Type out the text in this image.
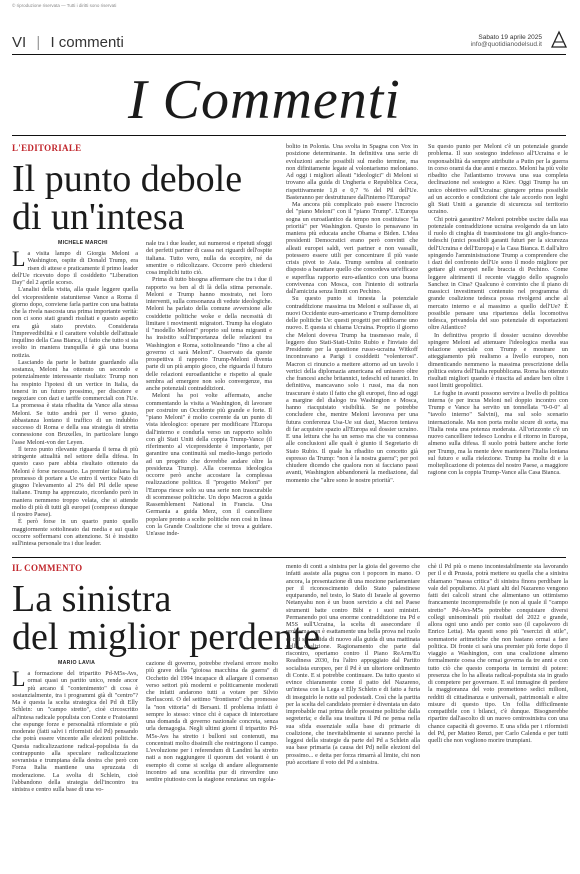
© riproduzione riservata — Tutti i diritti sono riservati
VI | I commenti	Sabato 19 aprile 2025
info@quotidianodelsud.it
I Commenti
L'EDITORIALE
Il punto debole
di un'intesa
MICHELE MARCHI

La visita lampo di Giorgia Meloni a Washington, ospite di Donald Trump, era risen di attese e praticamente il primo leader dell'Ue ricevuto dopo il cosiddetto "Liberation Day" del 2 aprile scorso.

L'analisi della visita, alla quale leggere quella del vicepresidente statunitense Vance a Roma il giorno dopo, conviene farla partire con una battuta che la rivela nascosta una prima importante verità: non ci sono stati grandi risultati e questo aspetto era già stato previsto. Considerata l'imprevedibilità e il carattere volubile dell'attuale inquilino della Casa Bianca, il fatto che tutto si sia svolto in maniera tranquilla è già una buona notizia.

Lasciando da parte le battute guardando alla sostanza, Meloni ha ottenuto un secondo e potenzialmente interessante risultato: Trump non ha respinto l'ipotesi di un vertice in Italia, da tenersi in un futuro prossimo, per discutere e negoziare con dazi e tariffe commerciali con l'Ue. La promessa è stata ribadita da Vance alla stessa Meloni. Se tutto andrà per il verso giusto, abbastanza lontano il traffico di un indubbio successo di Roma e della sua strategia di stretta connessione con Bruxelles, in particolare lungo l'asse Meloni-von der Leyen.

Il terzo punto rilevante riguarda il tema di più stringente attualità nel settore della difesa. In questo caso pare abbia risultato ottenuto da Meloni è forse necessario. La premier italiana ha promesso di portare a Ue entro il vertice Nato di giugno l'elevamento al 2% del Pil delle spese italiane. Trump ha apprezzato, ricordando però in maniera nemmeno troppo velata, che si attende molto di più di tutti gli europei (compreso dunque il nostro Paese).

È però forse in un quarto punto quello maggiormente sottolineato dai media e sui quale occorre soffermarsi con attenzione. Si è insistito sull'intesa personale tra i due leader.

nale tra i due leader, sui numerosi e ripetuti sfoggi dei perfetti partner di cassa nei riguardi dell'ospite italiana. Tutto vero, nulla da eccepire, né da smentire o ridicolizzare. Occorre però chiedersi cosa implichi tutto ciò.

Prima di tutto bisogna affermare che tra i due il rapporto va ben al di là della stima personale. Meloni e Trump hanno mostrato, nei loro interventi, sulla consonanza di vedute ideologiche. Meloni ha parlato della comune avversione alle cosiddette politiche woke e della necessità di limitare i movimenti migratori. Trump ha elogiato il "modello Meloni" proprio sul tema migranti e ha insistito sull'importanza delle relazioni tra Washington e Roma, sottolineando "fino a che al governo ci sarà Meloni". Osservato da queste prospettiva il rapporto Trump-Meloni diventa parte di un più ampio gioco, che riguarda il futuro delle relazioni euroatlantiche e rispetto al quale sembra ad emergere non solo convergenze, ma anche potenziali contraddizioni.

Meloni ha poi volte affermato, anche commentando la visita a Washington, di lavorare per costruire un Occidente più grande e forte. Il "piano Meloni" è molto coerente da un punto di vista ideologico: operare per modificare l'Europa dall'interno e condurla verso un rapporto solido con gli Stati Uniti della coppia Trump-Vance (il riferimento al vicepresidente è importante, per garantire una continuità sul medio-lungo periodo ad un progetto che dovrebbe andare oltre la presidenza Trump). Alla coerenza ideologica occorre però anche accostare la complessa realizzazione politica. Il "progetto Meloni" per l'Europa riesce solo su una serie non trascurabile di scommesse politiche. Un dopo Macron a guida Rassemblement National in Francia. Una Germania a guida Merz, con il cancelliere popolare pronto a scelte politiche non così in linea con la Grande Coalizione che si trova a guidare. Un'asse inde-

bolito in Polonia. Una svolta in Spagna con Vox in posizione determinante. In definitiva una serie di evoluzioni anche possibili sul medio termine, ma non difinitamente legate al volontarismo meloniano. Ad oggi i migliori alleati "ideologici" di Meloni si trovano alla guida di Ungheria e Repubblica Ceca, rispettivamente 1,8 e 0,7 % del Pil dell'Ue. Basteranno per destrutturare dall'interno l'Europa?

Ma ancora più complicato può essere l'incrocio del "piano Meloni" con il "piano Trump". L'Europa sogna un euroatlantico da tempo non costituisce "la priorità" per Washington. Questo lo pensavano in maniera più educata anche Obama e Biden. L'idea presidenti Democratici erano però convinti che alleati europei saldi, veri partner e non vassalli, potessero essere utili per concentrare il più vaste crisis pivot to Asia. Trump sembra al contrario disposto a barattare quello che concedeva un'efficace e superflua rapporto euro-atlantico con una buona convivenza con Mosca, con l'intento di sottrarla dall'amicizia senza limiti con Pechino.

Su questo punto si innesta la potenziale contraddizione massima tra Meloni e sull'asse di, ai nuovi Occidente euro-americano e Trump demolitore delle politiche Ue: questi progetti per edificarne uno nuovo. E questa si chiama Ucraina. Proprio il giorno che Meloni doveva Trump ha trasmesso reale, il leggero duo Stati-Stati-Unito Rubio e l'inviato del Presidente per la questione russo-ucraina Witkoff incontravano a Parigi i cosiddetti "volenterosi". Macron ci rinuncio a mettere attorno ad un tavolo i vertici della diplomazia americana ed unissero oltre che francesi anche britannici, tedeschi ed turanici. In definitiva, mancavano solo i russi, ma da non trascurare è stato il fatto che gli europei, fino ad oggi a margine del dialogo tra Washington e Mosca, hanno riacquistato visibilità. Se ne potrebbe concludere che, mentre Meloni lavorava per una futura conferenza Usa-Ue sui dazi, Macron tentava di far acquisire spazio all'Europa sul dossier ucraino. E una lettura che ha un senso ma che va connessa alle conclusioni alle quali è giunto il Segretario di Stato Rubio. Il quale ha ribadito un concetto già espresso da Trump: "non è la nostra guerra"; per poi chiudere dicendo che qualora non si facciano passi avanti, Washington abbandonerà la mediazione, dal momento che "altre sono le nostre priorità".

Su questo punto per Meloni c'è un potenziale grande problema. Il suo sostegno indefesso all'Ucraina e le responsabilità da sempre attribuite a Putin per la guerra in corso orami da due anni e mezzo. Meloni ha più volte ribadito che l'atlantismo trovava una sua completa declinazione nel sostegno a Kiev. Oggi Trump ha un unico obiettivo sull'Ucraina: giungere prima possibile ad un accordo e condizioni che tale accordo non leghi gli Stati Uniti a garanzie di sicurezza sul territorio ucraino.

Chi potrà garantire? Meloni potrebbe uscire dalla sua potenziale contraddizione ucraina svolgendo da un lato il ruolo di cinghia di trasmissione tra gli anglo-franco-tedeschi (unici possibili garanti futuri per la sicurezza dell'Ucraina e dell'Europa) e la Casa Bianca. E dall'altro spingendo l'amministrazione Trump a comprendere che i dazi del confronto dell'Ue sono il modo migliore per gettare gli europei nelle braccia di Pechino. Come leggere altrimenti il recente viaggio dello spagnolo Sanchez in Cina? Qualcuno è convinto che il piano di massicci investimenti contenuto nel programma di grande coalizione tedesca possa rivolgersi anche al mercato interno e al massimo a quello dell'Ue? È possibile pensare una ripartenza della locomotiva tedesca, privandola del suo potenziale di esportazioni oltre Atlantico?

In definitiva proprio il dossier ucraino dovrebbe spingere Meloni ad attenuare l'ideologica media sua relazione speciale con Trump e mostrare un atteggiamento più realismo a livello europeo, non dimenticando nemmeno la massima prescrizione della politica estera dell'Italia repubblicana. Roma ha ottenuto risultati migliori quando è riuscita ad andare ben oltre i suoi limiti geopolitici.

Le fughe in avanti possono servire a livello di politica interna (e per incus Meloni nel doppio incontro con Trump e Vance ha servito un tonnellata "0-0-0" al "tavolo interno" Salvini), ma sul solo scenario internazionale. Ma non porta molte sicure di sorta, ma l'Italia resta una potenza moderata. All'orizzonte c'è un nuovo cancelliere tedesco Londra e il ritorno in Europa, almeno sulla difesa. Il suolo potrà battere anche forte per Trump, ma la mente deve mantenere l'Italia lontana sul futuro e sulla rielezione. Trump ha molte di e la molteplicazione di potenza del nostro Paese, a maggiore ragione con la coppia Trump-Vance alla Casa Bianca.

IL COMMENTO
La sinistra
del miglior perdente
MARIO LAVIA

La formazione del tripartito Pd-M5s-Avs, ormai quasi un partito unico, rende ancor più arcano il "contenimento" di cosa è sostanzialmente, tra i programmi già di "centro"? Ma è questa la scelta strategica del Pd di Elly Schlein: un "campo stretto", cioè circoscritto all'intesa radicale populista con Conte e Fratoianni che espunge forze e personalità riformiste e più moderate (fatti salvi i riformisti del Pd) pensando che potrà essere vincente alle elezioni politiche. Questa radicalizzazione radical-populista fa da contrappunto alla speculare radicalizzazione sovranista e trumpiana della destra che però con Forza Italia mantiene una spruzzata di moderazione. La svolta di Schlein, cioè l'abbandono della strategia dell'incontro tra sinistra e centro sulla base di una vo-

cazione di governo, potrebbe rivelarsi errore molto più grave della "gioiosa macchina da guerra" di Occhetto del 1994 incapace di allargare il consenso verso settori più moderni e politicamente moderati che infatti andarono tutti a votare per Silvio Berlusconi. O del settimo "frontismo" che promosse la "non vittoria" di Bersani. Il problema infatti è sempre lo stesso: vince chi è capace di intercettare una domanda di governo nazionale concreta, senza urla demagogia. Negli ultimi giorni il tripartito Pd-M5s-Avs ha stretto i bulloni sui contenuti, ma concentrati molto dissimili che restringono il campo. L'evoluzione per i referendum di Landini ha stretto nati a non raggiungere il quorum dei votanti è un esempio di come si scelga di andare allegramente incontro ad una sconfitta pur di rinverdire uno sentire piuttosto con la stagione renziana: un regola-

mento di conti a sinistra per la gioia del governo che infatti assiste alla pugna con i popcorn in mano. O ancora, la presentazione di una mozione parlamentare per il riconoscimento dello Stato palestinese equiparando, nel testo, lo Stato di Israele al governo Netanyahu non è un buon servizio a chi nel Paese strumenti batte contro Bibi e i suoi ministri. Permanendo poi una enorme contraddizione tra Pd e M5S sull'Ucraina, la scelta di assecondare il problema non è esattamente una bella prova nel ruolo di chi si candida di nuovo alla guida di una mattinata della coalizione. Ragionamento che parte dal riscontro, operiamo contro il Piano ReArm/Eu Readiness 2030, fra l'altro appoggiato dal Partito socialista europeo, per il Pd è un ulteriore ordimento di Conte. E si potrebbe continuare. Da tutto questo si evince chiaramente come il patto del Nazareno, un'intesa con la Lega e Elly Schlein e di fatto a furia di inseguirlo le notte sul podestadi. Così che la partita per la scelta del candidato premier è diventata un dato improbabile mai prima delle prossime politiche dalla segreteria; e della sua tessitura il Pd ne pensa nella sua sfida essenziale sulla base di primarie di coalizione, che inevitabilmente si saranno perché la leggesi della strategie da parte del Pd a Schlein alla sua base primaria (a causa dei Pd) nelle elezioni del prossimo... e detta per forza rimarrà al limite, chi non può accettare il voto del Pd a sinistra.

chè il Pd più o meno incontestabilmente sta lavorando per il e di Prussia, potrà mettere su quella che a sinistra chiamano "massa critica" di sinistra finora perdibare la vale del populismo. Ai piani alti del Nazareno vengono fatti dei calcoli strani che alimentano un ottimismo francamente incomprensibile (e non al quale il "campo stretto" Pd-Avs-M5s potrebbe conquistare diversi collegi uninominali più risultati del 2022 e grande, allora ogni uno andò per conto suo (il capolavoro di Enrico Letta). Ma questi sono più "esercizi di stile", sommatorie aritmetiche che non bastano ormai a fare politica. Di fronte ci sarà una premier più forte dopo il viaggio a Washington, con una coalizione almeno formalmente coesa che ormai governa da tre anni e con tutto ciò che questo comporta in termini di potere: presenza che lo ha alleata radical-populista sia in grado di competere per governare. E sul immagine di perdere la maggioranza del voto promettono sedici milioni, redditi di cittadinanza e universali, patrimoniali e altre misure di questo tipo. Un follia difficilmente compatibile con i bilanci, c'è dunque. Bisognerebbe ripartire dall'ascolto di un nuovo centrosinistra con una chance capacità di governo. E una sfida per i riformisti del Pd, per Matteo Renzi, per Carlo Calenda e per tutti quelli che non vogliono morire trumpiani.
